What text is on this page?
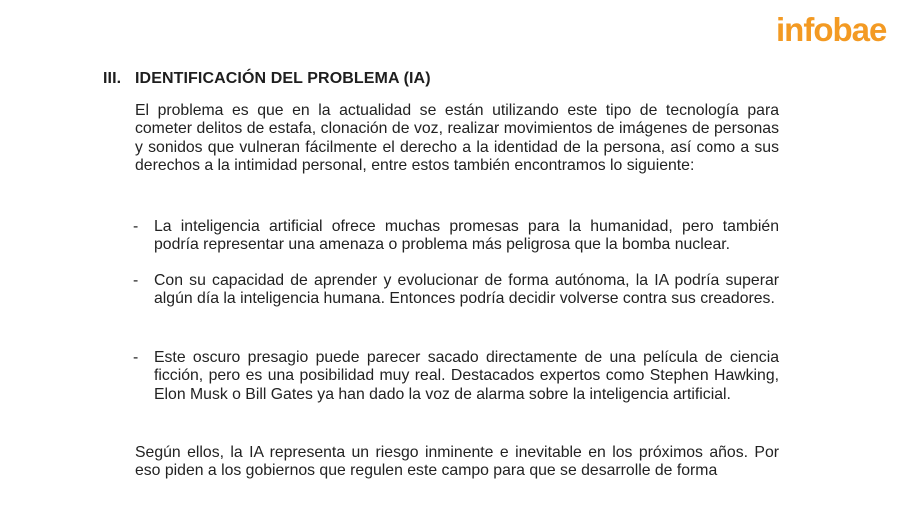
infobae
III. IDENTIFICACIÓN DEL PROBLEMA (IA)
El problema es que en la actualidad se están utilizando este tipo de tecnología para cometer delitos de estafa, clonación de voz, realizar movimientos de imágenes de personas y sonidos que vulneran fácilmente el derecho a la identidad de la persona, así como a sus derechos a la intimidad personal, entre estos también encontramos lo siguiente:
- La inteligencia artificial ofrece muchas promesas para la humanidad, pero también podría representar una amenaza o problema más peligrosa que la bomba nuclear.
- Con su capacidad de aprender y evolucionar de forma autónoma, la IA podría superar algún día la inteligencia humana. Entonces podría decidir volverse contra sus creadores.
- Este oscuro presagio puede parecer sacado directamente de una película de ciencia ficción, pero es una posibilidad muy real. Destacados expertos como Stephen Hawking, Elon Musk o Bill Gates ya han dado la voz de alarma sobre la inteligencia artificial.
Según ellos, la IA representa un riesgo inminente e inevitable en los próximos años. Por eso piden a los gobiernos que regulen este campo para que se desarrolle de forma
